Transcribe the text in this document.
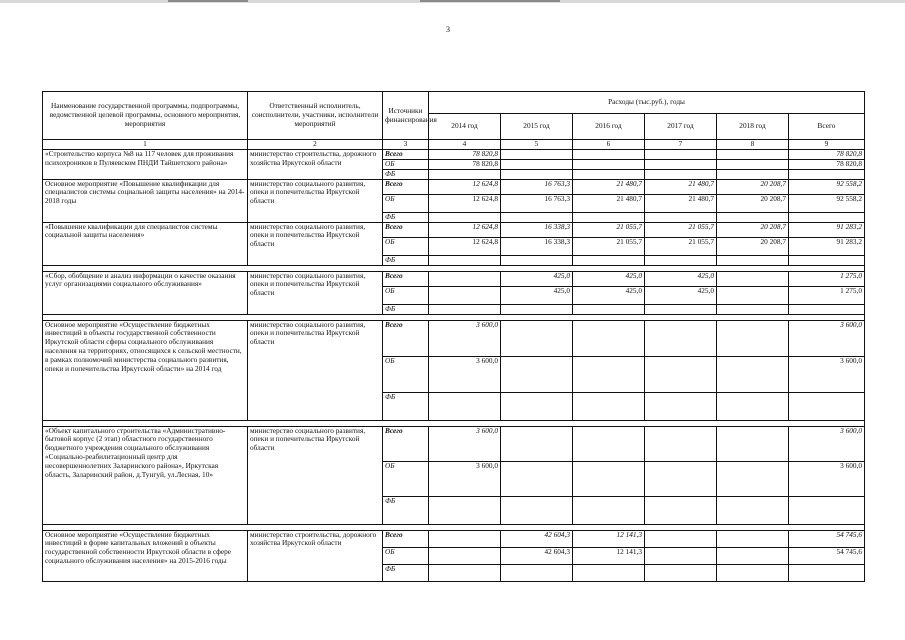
3
Наименование государственной программы, подпрограммы, ведомственной целевой программы, основного мероприятия, мероприятия	Ответственный исполнитель, соисполнители, участники, исполнители мероприятий	Источники финансирования	Расходы (тыс.руб.), годы					
			2014 год	2015 год	2016 год	2017 год	2018 год	Всего
1	2	3	4	5	6	7	8	9
«Строительство корпуса №8 на 117 человек для проживания психохроников в Пуляевском ПНДИ Тайшетского района»	министерство строительства, дорожного хозяйства Иркутской области	Всего	78 820,8					78 820,8
		ОБ	78 820,8					78 820,8
		ФБ						
Основное мероприятие «Повышение квалификации для специалистов системы социальной защиты населения» на 2014-2018 годы	министерство социального развития, опеки и попечительства Иркутской области	Всего	12 624,8	16 763,3	21 480,7	21 480,7	20 208,7	92 558,2
		ОБ	12 624,8	16 763,3	21 480,7	21 480,7	20 208,7	92 558,2
		ФБ						
«Повышение квалификации для специалистов системы социальной защиты населения»	министерство социального развития, опеки и попечительства Иркутской области	Всего	12 624,8	16 338,3	21 055,7	21 055,7	20 208,7	91 283,2
		ОБ	12 624,8	16 338,3	21 055,7	21 055,7	20 208,7	91 283,2
		ФБ						

«Сбор, обобщение и анализ информации о качестве оказания услуг организациями социального обслуживания»	министерство социального развития, опеки и попечительства Иркутской области	Всего		425,0	425,0	425,0		1 275,0
		ОБ		425,0	425,0	425,0		1 275,0
		ФБ						

Основное мероприятие «Осуществление бюджетных инвестиций в объекты государственной собственности Иркутской области сферы социального обслуживания населения на территориях, относящихся к сельской местности, в рамках полномочий министерства социального развития, опеки и попечительства Иркутской области» на 2014 год	министерство социального развития, опеки и попечительства Иркутской области	Всего	3 600,0					3 600,0
		ОБ	3 600,0					3 600,0
		ФБ						

«Объект капитального строительства «Административно-бытовой корпус (2 этап) областного государственного бюджетного учреждения социального обслуживания «Социально-реабилитационный центр для несовершеннолетних Заларинского района», Иркутская область, Заларинский район, д.Тунгуй, ул.Лесная, 10»	министерство социального развития, опеки и попечительства Иркутской области	Всего	3 600,0					3 600,0
		ОБ	3 600,0					3 600,0
		ФБ						

Основное мероприятие «Осуществление бюджетных инвестиций в форме капитальных вложений в объекты государственной собственности Иркутской области в сфере социального обслуживания населения» на 2015-2016 годы	министерство строительства, дорожного хозяйства Иркутской области	Всего		42 604,3	12 141,3			54 745,6
		ОБ		42 604,3	12 141,3			54 745,6
		ФБ						
